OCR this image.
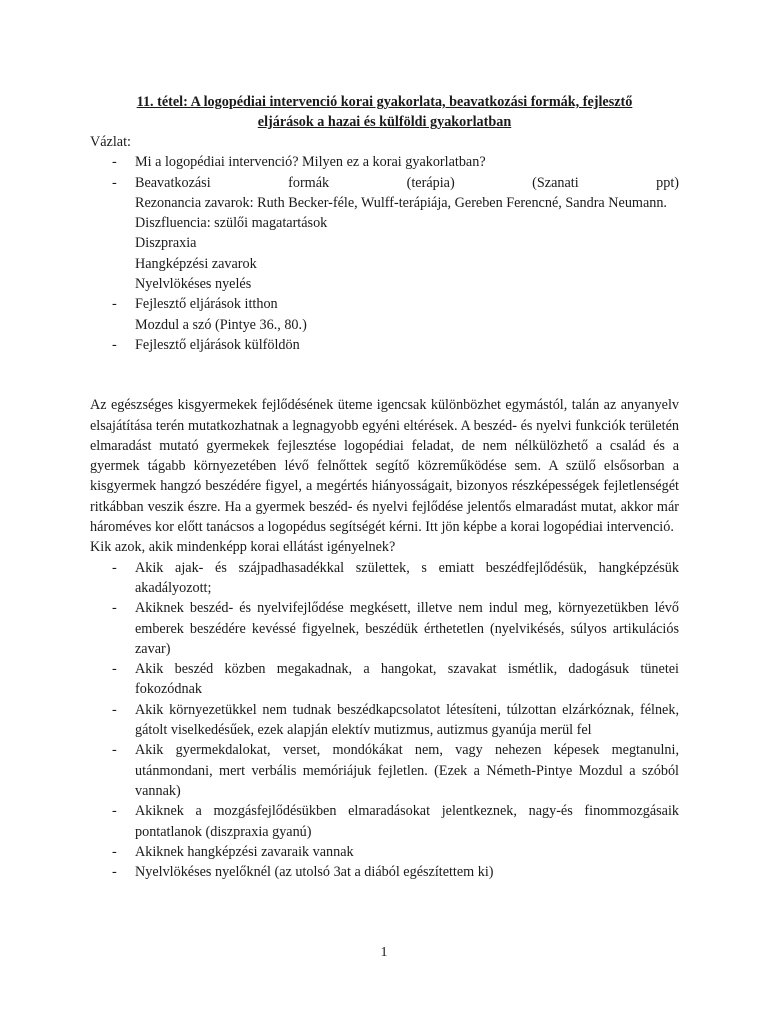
11. tétel: A logopédiai intervenció korai gyakorlata, beavatkozási formák, fejlesztő
eljárások a hazai és külföldi gyakorlatban

Vázlat:

- Mi a logopédiai intervenció? Milyen ez a korai gyakorlatban?
- Beavatkozási	formák	(terápia)	(Szanati	ppt)
Rezonancia zavarok: Ruth Becker-féle, Wulff-terápiája, Gereben Ferencné, Sandra Neumann.
Diszfluencia: szülői magatartások
Diszpraxia
Hangképzési zavarok
Nyelvlökéses nyelés
- Fejlesztő eljárások itthon
Mozdul a szó (Pintye 36., 80.)
- Fejlesztő eljárások külföldön

Az egészséges kisgyermekek fejlődésének üteme igencsak különbözhet egymástól, talán az anyanyelv elsajátítása terén mutatkozhatnak a legnagyobb egyéni eltérések. A beszéd- és nyelvi funkciók területén elmaradást mutató gyermekek fejlesztése logopédiai feladat, de nem nélkülözhető a család és a gyermek tágabb környezetében lévő felnőttek segítő közreműködése sem. A szülő elsősorban a kisgyermek hangzó beszédére figyel, a megértés hiányosságait, bizonyos részképességek fejletlenségét ritkábban veszik észre. Ha a gyermek beszéd- és nyelvi fejlődése jelentős elmaradást mutat, akkor már hároméves kor előtt tanácsos a logopédus segítségét kérni. Itt jön képbe a korai logopédiai intervenció.

Kik azok, akik mindenképp korai ellátást igényelnek?

- Akik ajak- és szájpadhasadékkal születtek, s emiatt beszédfejlődésük, hangképzésük akadályozott;
- Akiknek beszéd- és nyelvifejlődése megkésett, illetve nem indul meg, környezetükben lévő emberek beszédére kevéssé figyelnek, beszédük érthetetlen (nyelvikésés, súlyos artikulációs zavar)
- Akik beszéd közben megakadnak, a hangokat, szavakat ismétlik, dadogásuk tünetei fokozódnak
- Akik környezetükkel nem tudnak beszédkapcsolatot létesíteni, túlzottan elzárkóznak, félnek, gátolt viselkedésűek, ezek alapján elektív mutizmus, autizmus gyanúja merül fel
- Akik gyermekdalokat, verset, mondókákat nem, vagy nehezen képesek megtanulni, utánmondani, mert verbális memóriájuk fejletlen. (Ezek a Németh-Pintye Mozdul a szóból vannak)
- Akiknek a mozgásfejlődésükben elmaradásokat jelentkeznek, nagy-és finommozgásaik pontatlanok (diszpraxia gyanú)
- Akiknek hangképzési zavaraik vannak
- Nyelvlökéses nyelőknél (az utolsó 3at a diából egészítettem ki)
1
